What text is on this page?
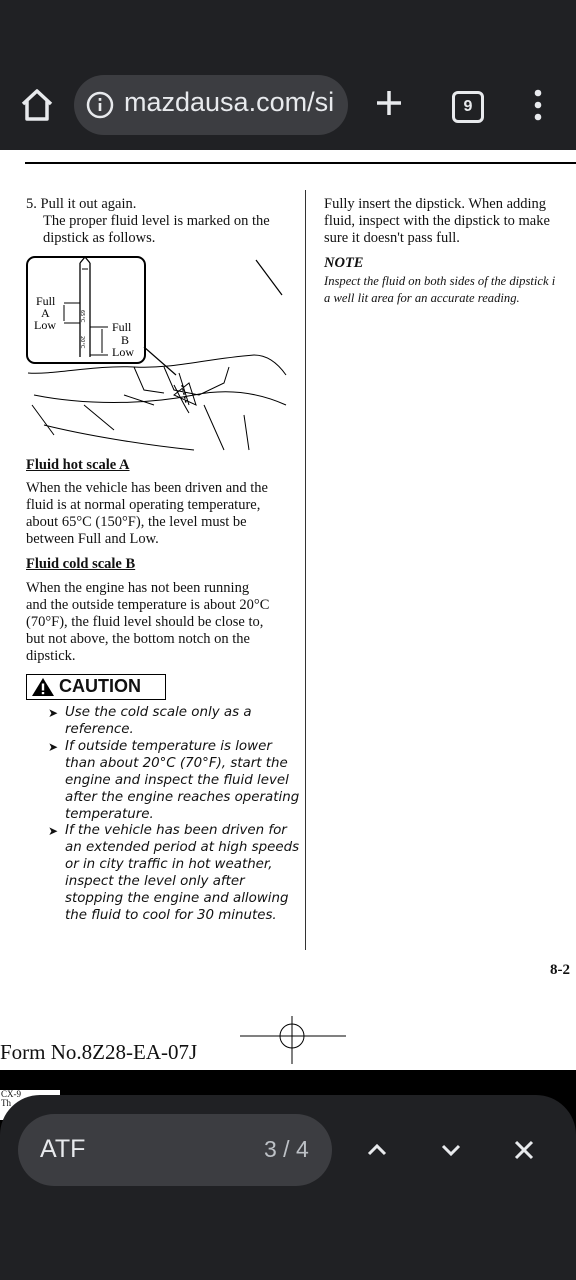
mazdausa.com/si	9
5. Pull it out again.
The proper fluid level is marked on the
dipstick as follows.
65°C
20°C
Full
A
Low	Full
B
Low
Fluid hot scale A
When the vehicle has been driven and the
fluid is at normal operating temperature,
about 65°C (150°F), the level must be
between Full and Low.
Fluid cold scale B
When the engine has not been running
and the outside temperature is about 20°C
(70°F), the fluid level should be close to,
but not above, the bottom notch on the
dipstick.
CAUTION
➤ Use the cold scale only as a
reference.
➤ If outside temperature is lower
than about 20°C (70°F), start the
engine and inspect the fluid level
after the engine reaches operating
temperature.
➤ If the vehicle has been driven for
an extended period at high speeds
or in city traffic in hot weather,
inspect the level only after
stopping the engine and allowing
the fluid to cool for 30 minutes.
Fully insert the dipstick. When adding
fluid, inspect with the dipstick to make
sure it doesn't pass full.
NOTE
Inspect the fluid on both sides of the dipstick i
a well lit area for an accurate reading.
8-2
Form No.8Z28-EA-07J
CX-9
Th
ATF	3 / 4
